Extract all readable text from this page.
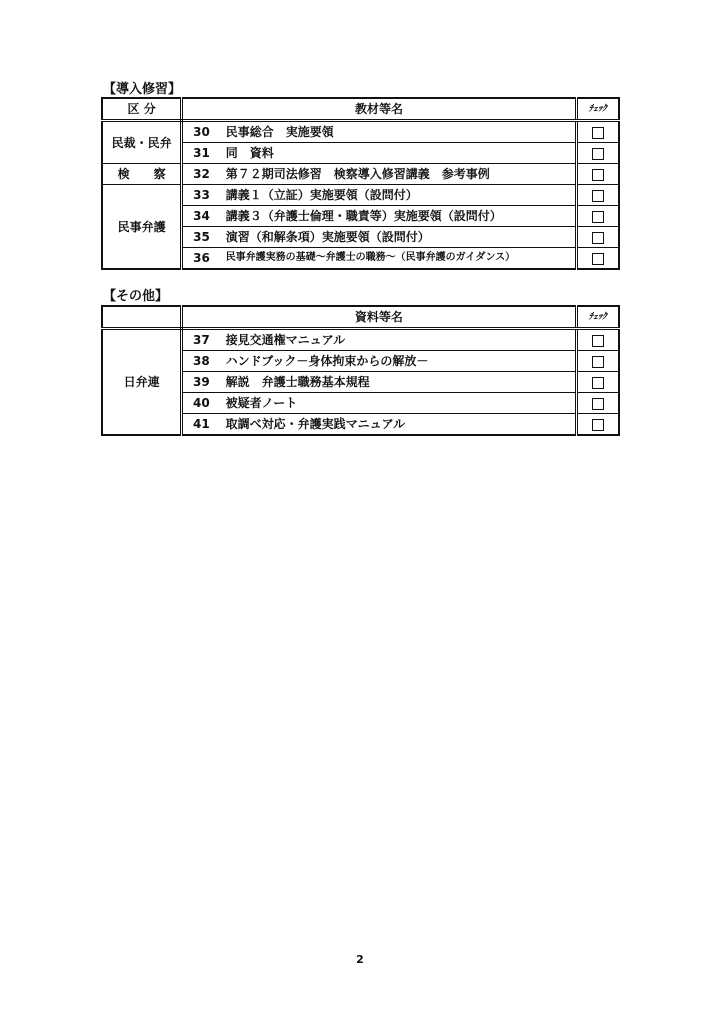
【導入修習】
区 分	教材等名		ﾁｪｯｸ
民裁・民弁	30	民事総合　実施要領	
	31	同　資料	
検　　察	32	第７２期司法修習　検察導入修習講義　参考事例	
民事弁護	33	講義１（立証）実施要領（設問付）	
	34	講義３（弁護士倫理・職責等）実施要領（設問付）	
	35	演習（和解条項）実施要領（設問付）	
	36	民事弁護実務の基礎～弁護士の職務～（民事弁護のガイダンス）	
【その他】
	資料等名		ﾁｪｯｸ
日弁連	37	接見交通権マニュアル	
	38	ハンドブック－身体拘束からの解放－	
	39	解説　弁護士職務基本規程	
	40	被疑者ノート	
	41	取調べ対応・弁護実践マニュアル	
2
